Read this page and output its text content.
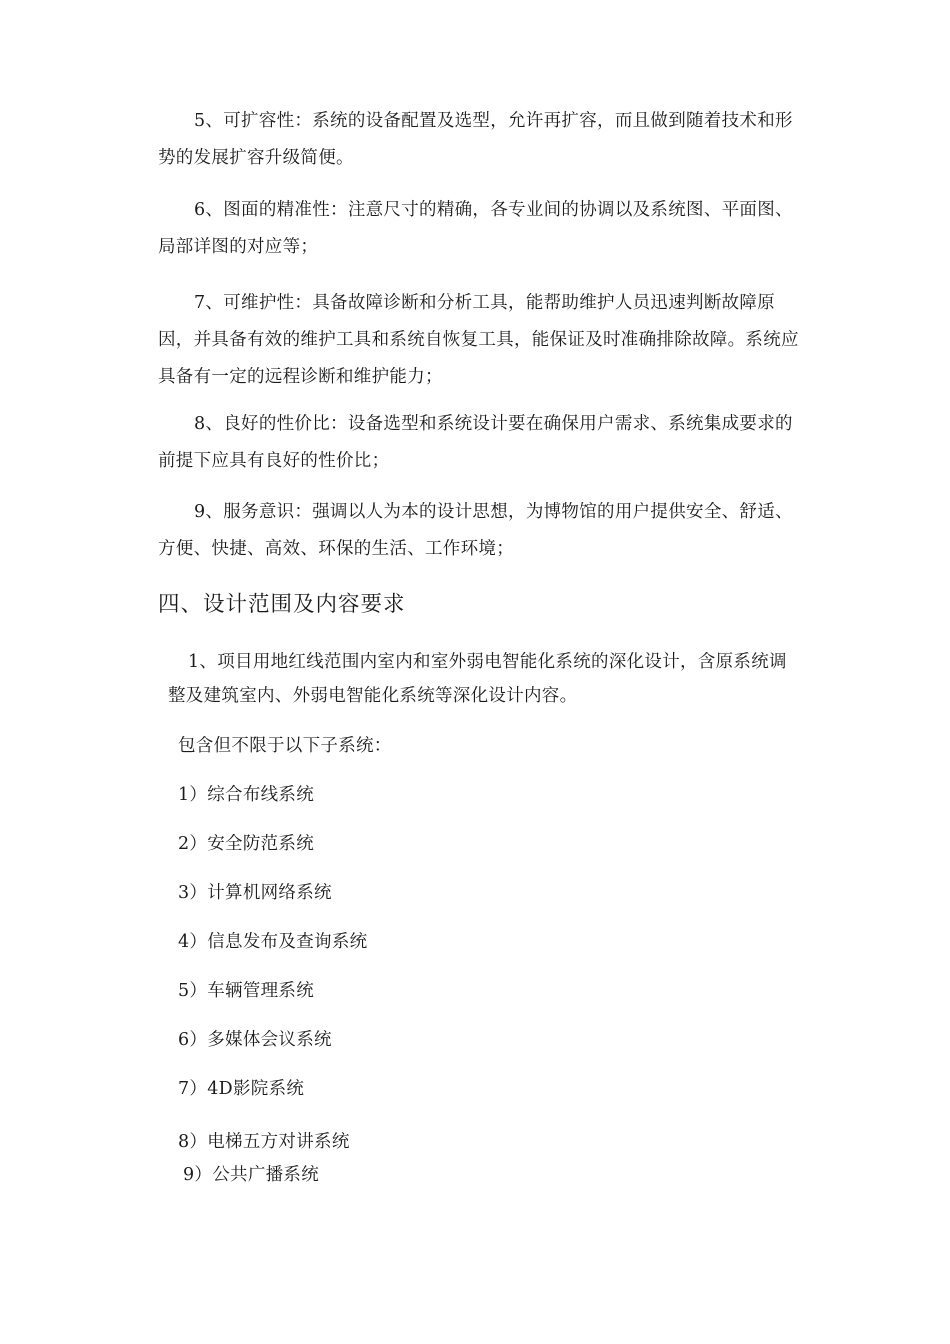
5、可扩容性：系统的设备配置及选型，允许再扩容，而且做到随着技术和形势的发展扩容升级简便。

6、图面的精准性：注意尺寸的精确，各专业间的协调以及系统图、平面图、局部详图的对应等；

7、可维护性：具备故障诊断和分析工具，能帮助维护人员迅速判断故障原因，并具备有效的维护工具和系统自恢复工具，能保证及时准确排除故障。系统应具备有一定的远程诊断和维护能力；

8、良好的性价比：设备选型和系统设计要在确保用户需求、系统集成要求的前提下应具有良好的性价比；

9、服务意识：强调以人为本的设计思想，为博物馆的用户提供安全、舒适、方便、快捷、高效、环保的生活、工作环境；

四、设计范围及内容要求

1、项目用地红线范围内室内和室外弱电智能化系统的深化设计，含原系统调整及建筑室内、外弱电智能化系统等深化设计内容。

包含但不限于以下子系统：

1）综合布线系统

2）安全防范系统

3）计算机网络系统

4）信息发布及查询系统

5）车辆管理系统

6）多媒体会议系统

7）4D影院系统

8）电梯五方对讲系统

9）公共广播系统
